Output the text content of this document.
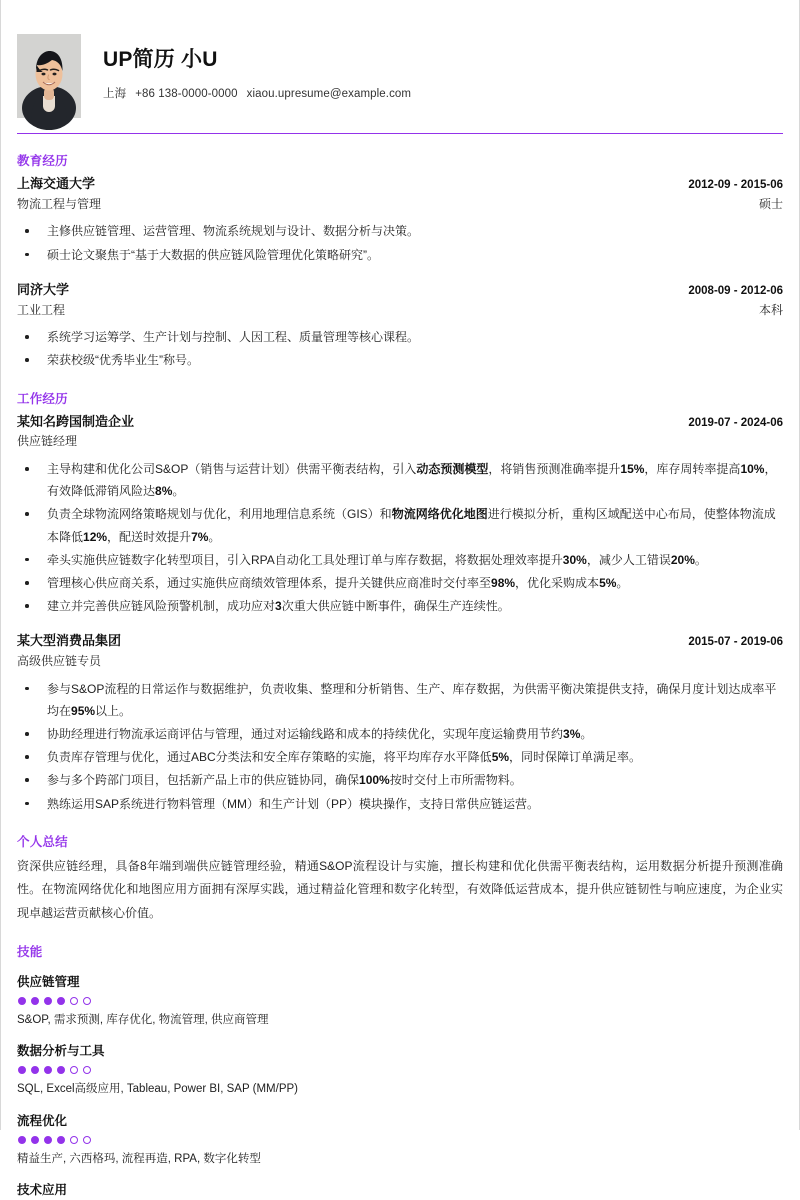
UP简历 小U
上海 +86 138-0000-0000 xiaou.upresume@example.com
教育经历
上海交通大学	2012-09 - 2015-06
物流工程与管理	硕士
主修供应链管理、运营管理、物流系统规划与设计、数据分析与决策。
硕士论文聚焦于“基于大数据的供应链风险管理优化策略研究”。
同济大学	2008-09 - 2012-06
工业工程	本科
系统学习运筹学、生产计划与控制、人因工程、质量管理等核心课程。
荣获校级“优秀毕业生”称号。
工作经历
某知名跨国制造企业	2019-07 - 2024-06
供应链经理
主导构建和优化公司S&OP（销售与运营计划）供需平衡表结构，引入动态预测模型，将销售预测准确率提升15%，库存周转率提高10%，有效降低滞销风险达8%。
负责全球物流网络策略规划与优化，利用地理信息系统（GIS）和物流网络优化地图进行模拟分析，重构区域配送中心布局，使整体物流成本降低12%，配送时效提升7%。
牵头实施供应链数字化转型项目，引入RPA自动化工具处理订单与库存数据，将数据处理效率提升30%，减少人工错误20%。
管理核心供应商关系，通过实施供应商绩效管理体系，提升关键供应商准时交付率至98%，优化采购成本5%。
建立并完善供应链风险预警机制，成功应对3次重大供应链中断事件，确保生产连续性。
某大型消费品集团	2015-07 - 2019-06
高级供应链专员
参与S&OP流程的日常运作与数据维护，负责收集、整理和分析销售、生产、库存数据，为供需平衡决策提供支持，确保月度计划达成率平均在95%以上。
协助经理进行物流承运商评估与管理，通过对运输线路和成本的持续优化，实现年度运输费用节约3%。
负责库存管理与优化，通过ABC分类法和安全库存策略的实施，将平均库存水平降低5%，同时保障订单满足率。
参与多个跨部门项目，包括新产品上市的供应链协同，确保100%按时交付上市所需物料。
熟练运用SAP系统进行物料管理（MM）和生产计划（PP）模块操作，支持日常供应链运营。
个人总结
资深供应链经理，具备8年端到端供应链管理经验，精通S&OP流程设计与实施，擅长构建和优化供需平衡表结构，运用数据分析提升预测准确性。在物流网络优化和地图应用方面拥有深厚实践，通过精益化管理和数字化转型，有效降低运营成本，提升供应链韧性与响应速度，为企业实现卓越运营贡献核心价值。
技能
供应链管理
S&OP, 需求预测, 库存优化, 物流管理, 供应商管理
数据分析与工具
SQL, Excel高级应用, Tableau, Power BI, SAP (MM/PP)
流程优化
精益生产, 六西格玛, 流程再造, RPA, 数字化转型
技术应用
